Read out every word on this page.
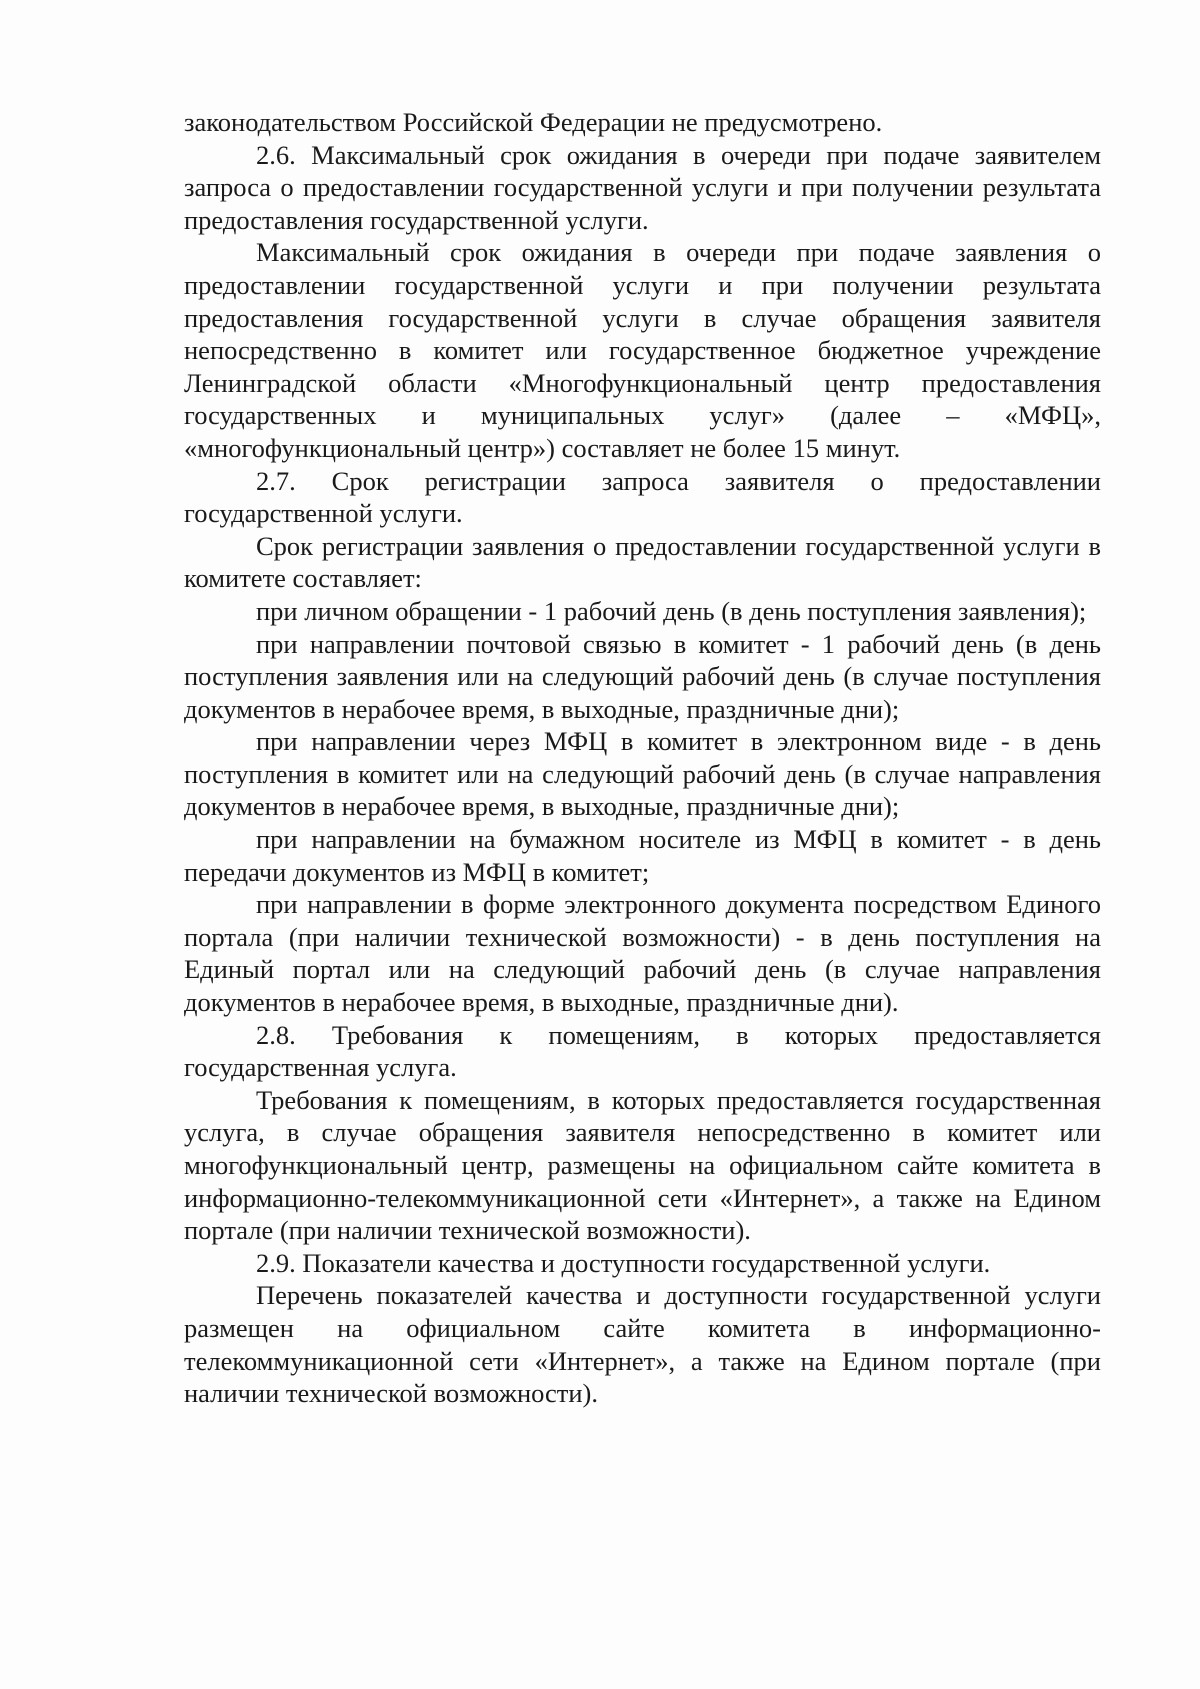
законодательством Российской Федерации не предусмотрено.

2.6. Максимальный срок ожидания в очереди при подаче заявителем запроса о предоставлении государственной услуги и при получении результата предоставления государственной услуги.

Максимальный срок ожидания в очереди при подаче заявления о предоставлении государственной услуги и при получении результата предоставления государственной услуги в случае обращения заявителя непосредственно в комитет или государственное бюджетное учреждение Ленинградской области «Многофункциональный центр предоставления государственных и муниципальных услуг» (далее – «МФЦ», «многофункциональный центр») составляет не более 15 минут.

2.7. Срок регистрации запроса заявителя о предоставлении государственной услуги.

Срок регистрации заявления о предоставлении государственной услуги в комитете составляет:

при личном обращении - 1 рабочий день (в день поступления заявления);

при направлении почтовой связью в комитет - 1 рабочий день (в день поступления заявления или на следующий рабочий день (в случае поступления документов в нерабочее время, в выходные, праздничные дни);

при направлении через МФЦ в комитет в электронном виде - в день поступления в комитет или на следующий рабочий день (в случае направления документов в нерабочее время, в выходные, праздничные дни);

при направлении на бумажном носителе из МФЦ в комитет - в день передачи документов из МФЦ в комитет;

при направлении в форме электронного документа посредством Единого портала (при наличии технической возможности) - в день поступления на Единый портал или на следующий рабочий день (в случае направления документов в нерабочее время, в выходные, праздничные дни).

2.8. Требования к помещениям, в которых предоставляется государственная услуга.

Требования к помещениям, в которых предоставляется государственная услуга, в случае обращения заявителя непосредственно в комитет или многофункциональный центр, размещены на официальном сайте комитета в информационно-телекоммуникационной сети «Интернет», а также на Едином портале (при наличии технической возможности).

2.9. Показатели качества и доступности государственной услуги.

Перечень показателей качества и доступности государственной услуги размещен на официальном сайте комитета в информационно-телекоммуникационной сети «Интернет», а также на Едином портале (при наличии технической возможности).
